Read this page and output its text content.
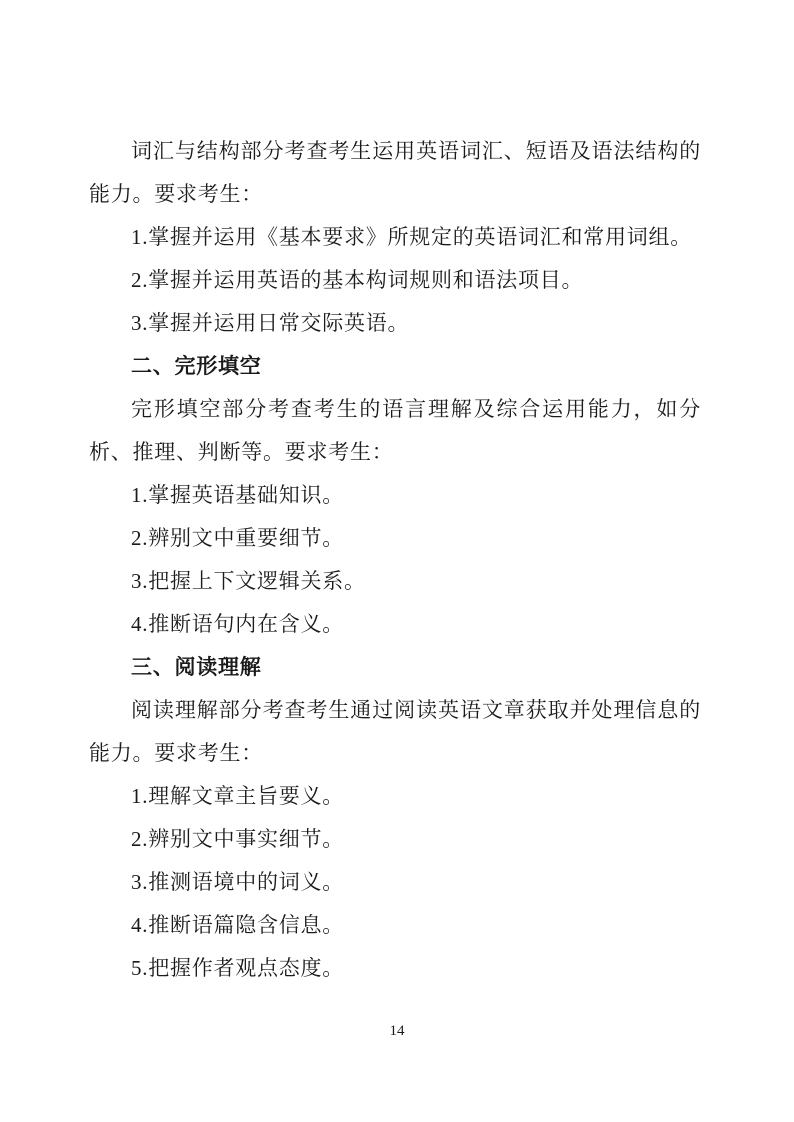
词汇与结构部分考查考生运用英语词汇、短语及语法结构的能力。要求考生：

1.掌握并运用《基本要求》所规定的英语词汇和常用词组。

2.掌握并运用英语的基本构词规则和语法项目。

3.掌握并运用日常交际英语。

二、完形填空

完形填空部分考查考生的语言理解及综合运用能力，如分析、推理、判断等。要求考生：

1.掌握英语基础知识。

2.辨别文中重要细节。

3.把握上下文逻辑关系。

4.推断语句内在含义。

三、阅读理解

阅读理解部分考查考生通过阅读英语文章获取并处理信息的能力。要求考生：

1.理解文章主旨要义。

2.辨别文中事实细节。

3.推测语境中的词义。

4.推断语篇隐含信息。

5.把握作者观点态度。

14
